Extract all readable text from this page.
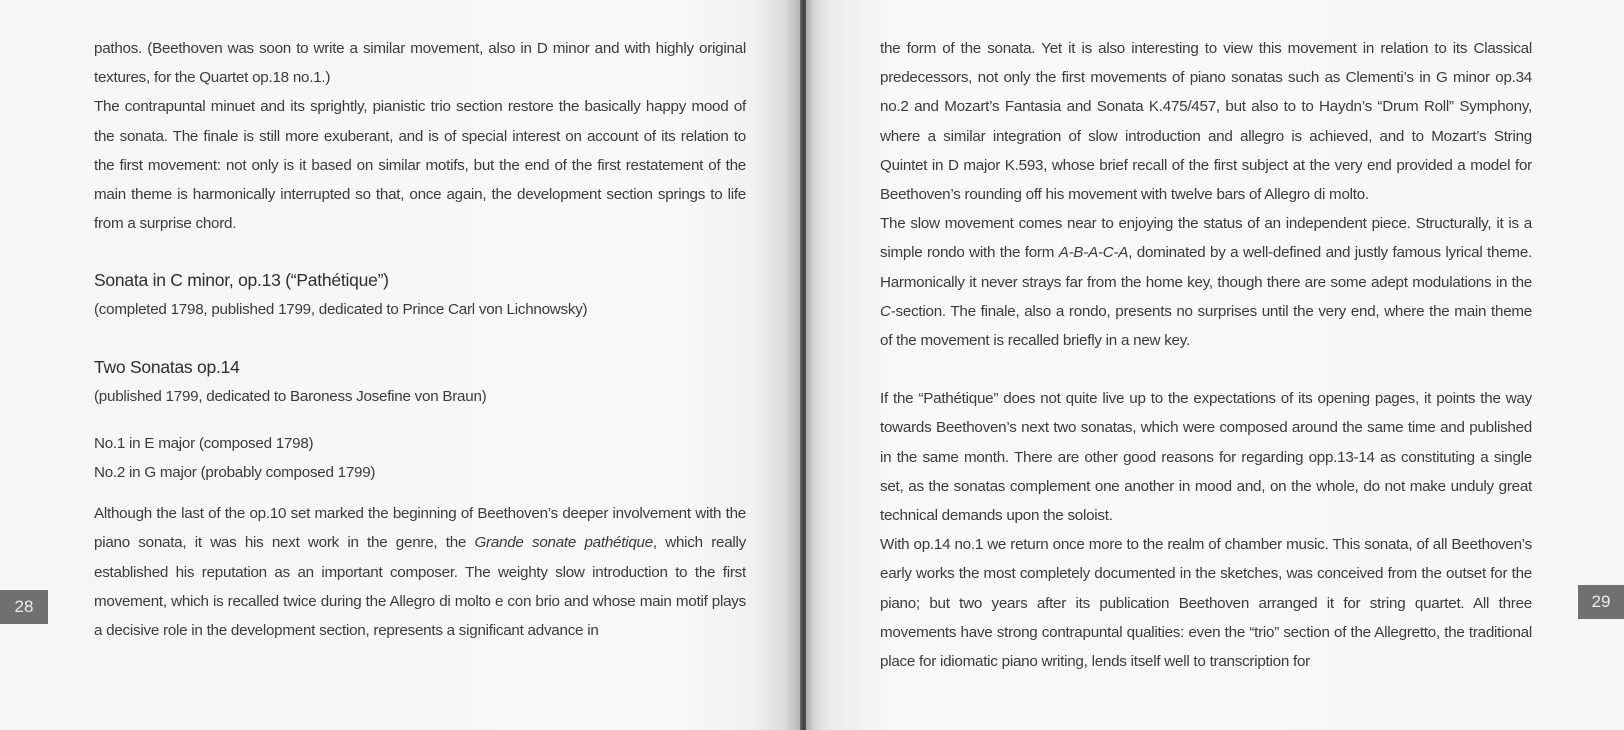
pathos. (Beethoven was soon to write a similar movement, also in D minor and with highly original textures, for the Quartet op.18 no.1.)

The contrapuntal minuet and its sprightly, pianistic trio section restore the basically happy mood of the sonata. The finale is still more exuberant, and is of special interest on account of its relation to the first movement: not only is it based on similar motifs, but the end of the first restatement of the main theme is harmonically interrupted so that, once again, the development section springs to life from a surprise chord.

Sonata in C minor, op.13 (“Pathétique”)

(completed 1798, published 1799, dedicated to Prince Carl von Lichnowsky)

Two Sonatas op.14

(published 1799, dedicated to Baroness Josefine von Braun)

No.1 in E major (composed 1798)

No.2 in G major (probably composed 1799)

Although the last of the op.10 set marked the beginning of Beethoven’s deeper involvement with the piano sonata, it was his next work in the genre, the Grande sonate pathétique, which really established his reputation as an important composer. The weighty slow introduction to the first movement, which is recalled twice during the Allegro di molto e con brio and whose main motif plays a decisive role in the development section, represents a significant advance in

28

the form of the sonata. Yet it is also interesting to view this movement in relation to its Classical predecessors, not only the first movements of piano sonatas such as Clementi’s in G minor op.34 no.2 and Mozart’s Fantasia and Sonata K.475/457, but also to to Haydn’s “Drum Roll” Symphony, where a similar integration of slow introduction and allegro is achieved, and to Mozart’s String Quintet in D major K.593, whose brief recall of the first subject at the very end provided a model for Beethoven’s rounding off his movement with twelve bars of Allegro di molto.

The slow movement comes near to enjoying the status of an independent piece. Structurally, it is a simple rondo with the form A-B-A-C-A, dominated by a well-defined and justly famous lyrical theme. Harmonically it never strays far from the home key, though there are some adept modulations in the C-section. The finale, also a rondo, presents no surprises until the very end, where the main theme of the movement is recalled briefly in a new key.

If the “Pathétique” does not quite live up to the expectations of its opening pages, it points the way towards Beethoven’s next two sonatas, which were composed around the same time and published in the same month. There are other good reasons for regarding opp.13-14 as constituting a single set, as the sonatas complement one another in mood and, on the whole, do not make unduly great technical demands upon the soloist.

With op.14 no.1 we return once more to the realm of chamber music. This sonata, of all Beethoven’s early works the most completely documented in the sketches, was conceived from the outset for the piano; but two years after its publication Beethoven arranged it for string quartet. All three movements have strong contrapuntal qualities: even the “trio” section of the Allegretto, the traditional place for idiomatic piano writing, lends itself well to transcription for

29
